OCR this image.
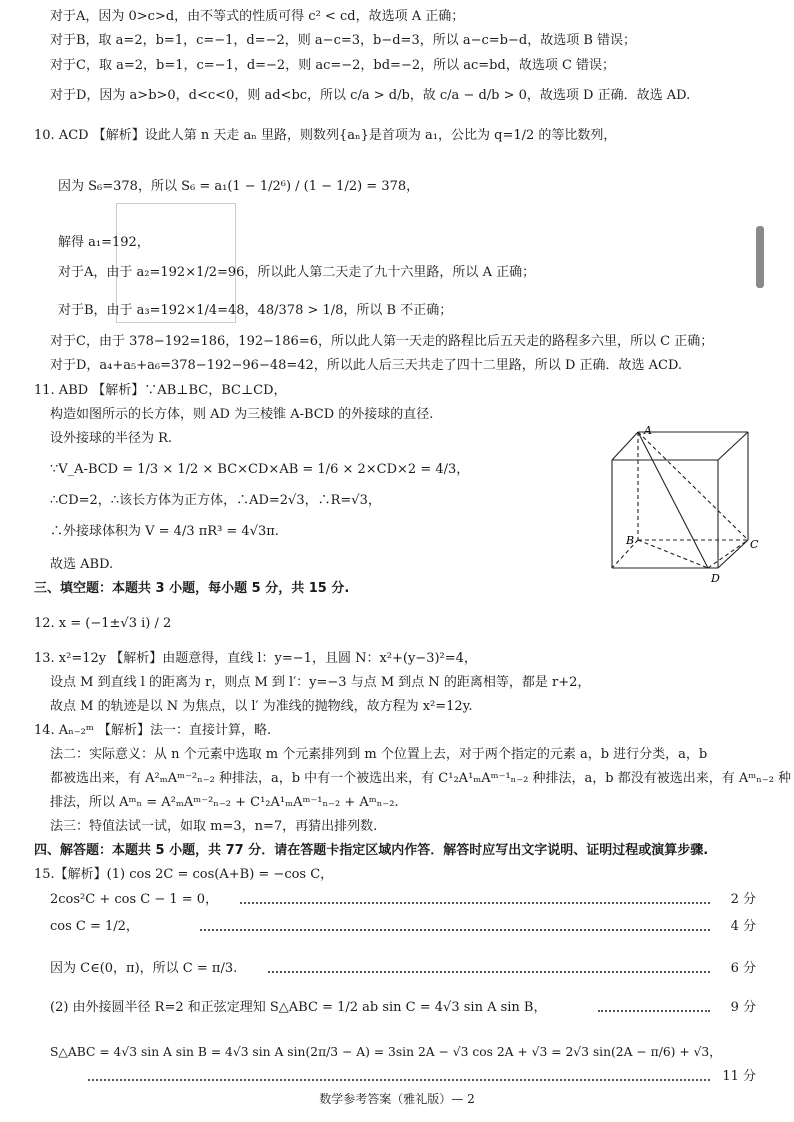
对于A，因为 0>c>d，由不等式的性质可得 c² < cd，故选项 A 正确；
对于B，取 a=2，b=1，c=−1，d=−2，则 a−c=3，b−d=3，所以 a−c=b−d，故选项 B 错误；
对于C，取 a=2，b=1，c=−1，d=−2，则 ac=−2，bd=−2，所以 ac=bd，故选项 C 错误；
对于D，因为 a>b>0，d<c<0，则 ad<bc，所以 c/a > d/b，故 c/a − d/b > 0，故选项 D 正确．故选 AD.
10. ACD 【解析】设此人第 n 天走 aₙ 里路，则数列{aₙ}是首项为 a₁，公比为 q=1/2 的等比数列，
因为 S₆=378，所以 S₆ = a₁(1 − 1/2⁶) / (1 − 1/2) = 378，
解得 a₁=192，
对于A，由于 a₂=192×1/2=96，所以此人第二天走了九十六里路，所以 A 正确；
对于B，由于 a₃=192×1/4=48，48/378 > 1/8，所以 B 不正确；
对于C，由于 378−192=186，192−186=6，所以此人第一天走的路程比后五天走的路程多六里，所以 C 正确；
对于D，a₄+a₅+a₆=378−192−96−48=42，所以此人后三天共走了四十二里路，所以 D 正确．故选 ACD.
11. ABD 【解析】∵AB⊥BC，BC⊥CD，
构造如图所示的长方体，则 AD 为三棱锥 A-BCD 的外接球的直径.
设外接球的半径为 R.
∵V_A-BCD = 1/3 × 1/2 × BC×CD×AB = 1/6 × 2×CD×2 = 4/3，
∴CD=2，∴该长方体为正方体，∴AD=2√3，∴R=√3，
∴外接球体积为 V = 4/3 πR³ = 4√3π.
故选 ABD.
A
B	C
D
三、填空题：本题共 3 小题，每小题 5 分，共 15 分.
12. x = (−1±√3 i) / 2
13. x²=12y 【解析】由题意得，直线 l：y=−1，且圆 N：x²+(y−3)²=4，
设点 M 到直线 l 的距离为 r，则点 M 到 l′：y=−3 与点 M 到点 N 的距离相等，都是 r+2，
故点 M 的轨迹是以 N 为焦点，以 l′ 为准线的抛物线，故方程为 x²=12y.
14. Aₙ₋₂ᵐ 【解析】法一：直接计算，略.
法二：实际意义：从 n 个元素中选取 m 个元素排列到 m 个位置上去，对于两个指定的元素 a，b 进行分类，a，b
都被选出来，有 A²ₘAᵐ⁻²ₙ₋₂ 种排法，a，b 中有一个被选出来，有 C¹₂A¹ₘAᵐ⁻¹ₙ₋₂ 种排法，a，b 都没有被选出来，有 Aᵐₙ₋₂ 种
排法，所以 Aᵐₙ = A²ₘAᵐ⁻²ₙ₋₂ + C¹₂A¹ₘAᵐ⁻¹ₙ₋₂ + Aᵐₙ₋₂.
法三：特值法试一试，如取 m=3，n=7，再猜出排列数.
四、解答题：本题共 5 小题，共 77 分．请在答题卡指定区域内作答．解答时应写出文字说明、证明过程或演算步骤.
15.【解析】(1) cos 2C = cos(A+B) = −cos C，
2cos²C + cos C − 1 = 0，	2 分
cos C = 1/2，	4 分
因为 C∈(0，π)，所以 C = π/3.	6 分
(2) 由外接圆半径 R=2 和正弦定理知 S△ABC = 1/2 ab sin C = 4√3 sin A sin B，	9 分
S△ABC = 4√3 sin A sin B = 4√3 sin A sin(2π/3 − A) = 3sin 2A − √3 cos 2A + √3 = 2√3 sin(2A − π/6) + √3，
11 分
数学参考答案（雅礼版）— 2
